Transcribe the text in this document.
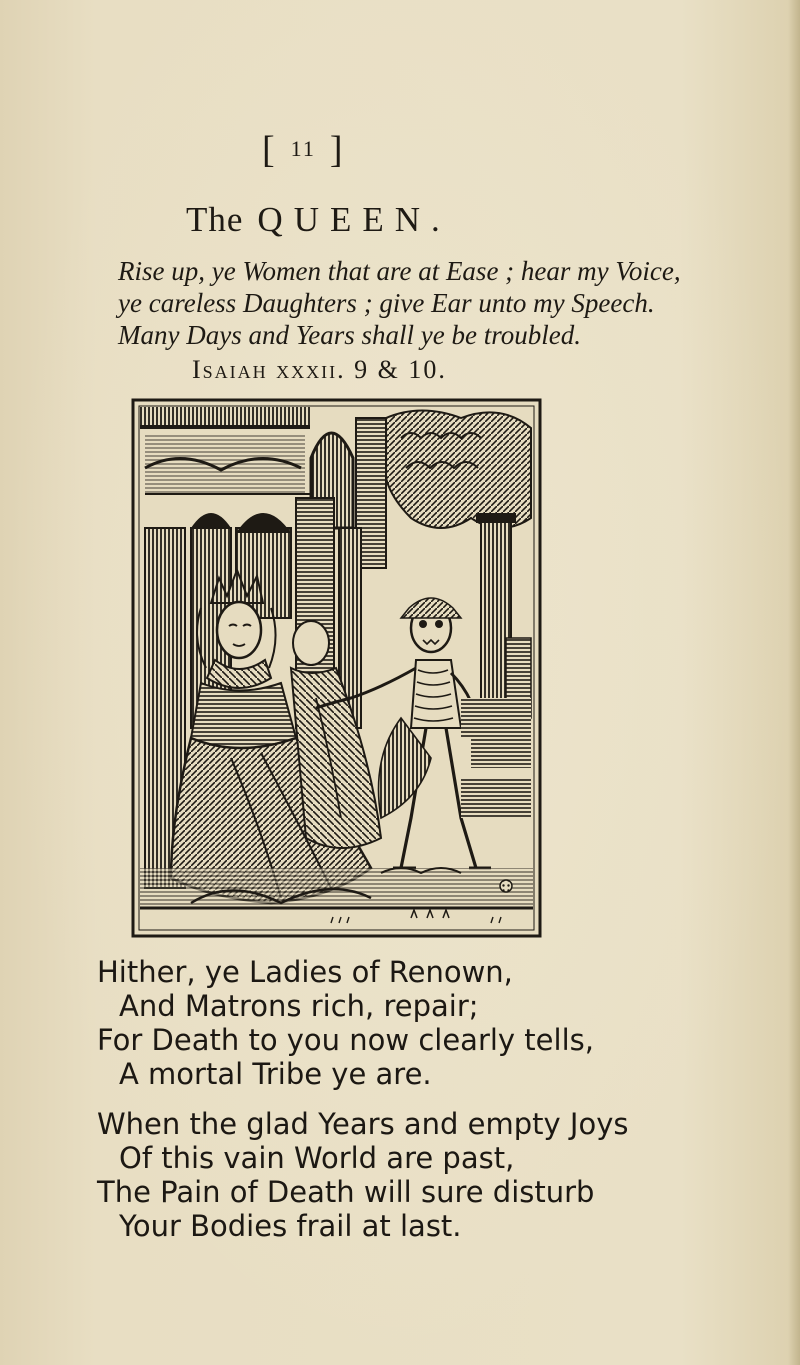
[ 11 ]
The QUEEN.
Rise up, ye Women that are at Ease ; hear my Voice,
ye careless Daughters ; give Ear unto my Speech.
Many Days and Years shall ye be troubled.
Isaiah xxxii. 9 & 10.
Hither, ye Ladies of Renown,
And Matrons rich, repair;
For Death to you now clearly tells,
A mortal Tribe ye are.
When the glad Years and empty Joys
Of this vain World are past,
The Pain of Death will sure disturb
Your Bodies frail at last.
